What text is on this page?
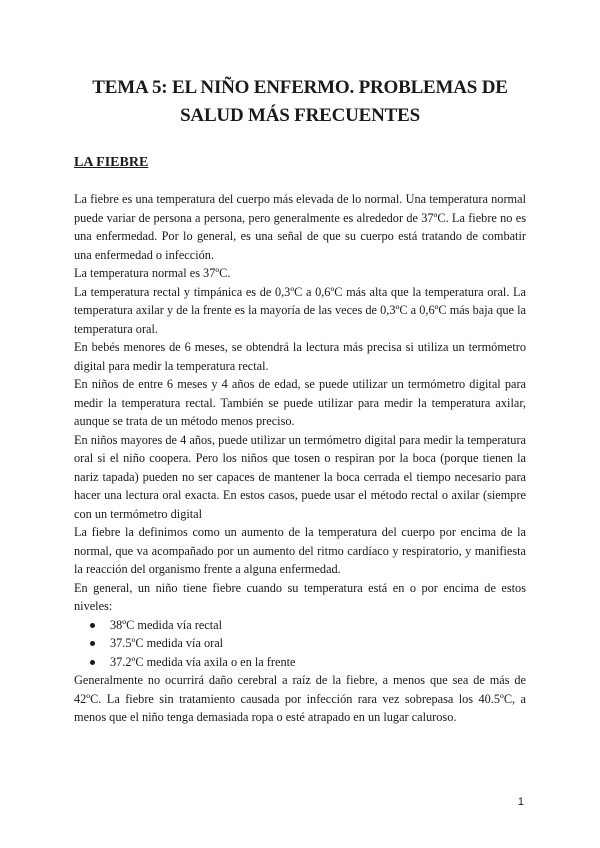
TEMA 5: EL NIÑO ENFERMO. PROBLEMAS DE
SALUD MÁS FRECUENTES
LA FIEBRE

La fiebre es una temperatura del cuerpo más elevada de lo normal. Una temperatura normal puede variar de persona a persona, pero generalmente es alrededor de 37ºC. La fiebre no es una enfermedad. Por lo general, es una señal de que su cuerpo está tratando de combatir una enfermedad o infección.

La temperatura normal es 37ºC.

La temperatura rectal y timpánica es de 0,3ºC a 0,6ºC más alta que la temperatura oral. La temperatura axilar y de la frente es la mayoría de las veces de 0,3ºC a 0,6ºC más baja que la temperatura oral.

En bebés menores de 6 meses, se obtendrá la lectura más precisa si utiliza un termómetro digital para medir la temperatura rectal.

En niños de entre 6 meses y 4 años de edad, se puede utilizar un termómetro digital para medir la temperatura rectal. También se puede utilizar para medir la temperatura axilar, aunque se trata de un método menos preciso.

En niños mayores de 4 años, puede utilizar un termómetro digital para medir la temperatura oral si el niño coopera. Pero los niños que tosen o respiran por la boca (porque tienen la nariz tapada) pueden no ser capaces de mantener la boca cerrada el tiempo necesario para hacer una lectura oral exacta. En estos casos, puede usar el método rectal o axilar (siempre con un termómetro digital

La fiebre la definimos como un aumento de la temperatura del cuerpo por encima de la normal, que va acompañado por un aumento del ritmo cardíaco y respiratorio, y manifiesta la reacción del organismo frente a alguna enfermedad.

En general, un niño tiene fiebre cuando su temperatura está en o por encima de estos niveles:

38ºC medida vía rectal
37.5ºC medida vía oral
37.2ºC medida vía axila o en la frente

Generalmente no ocurrirá daño cerebral a raíz de la fiebre, a menos que sea de más de 42ºC. La fiebre sin tratamiento causada por infección rara vez sobrepasa los 40.5ºC, a menos que el niño tenga demasiada ropa o esté atrapado en un lugar caluroso.

1
